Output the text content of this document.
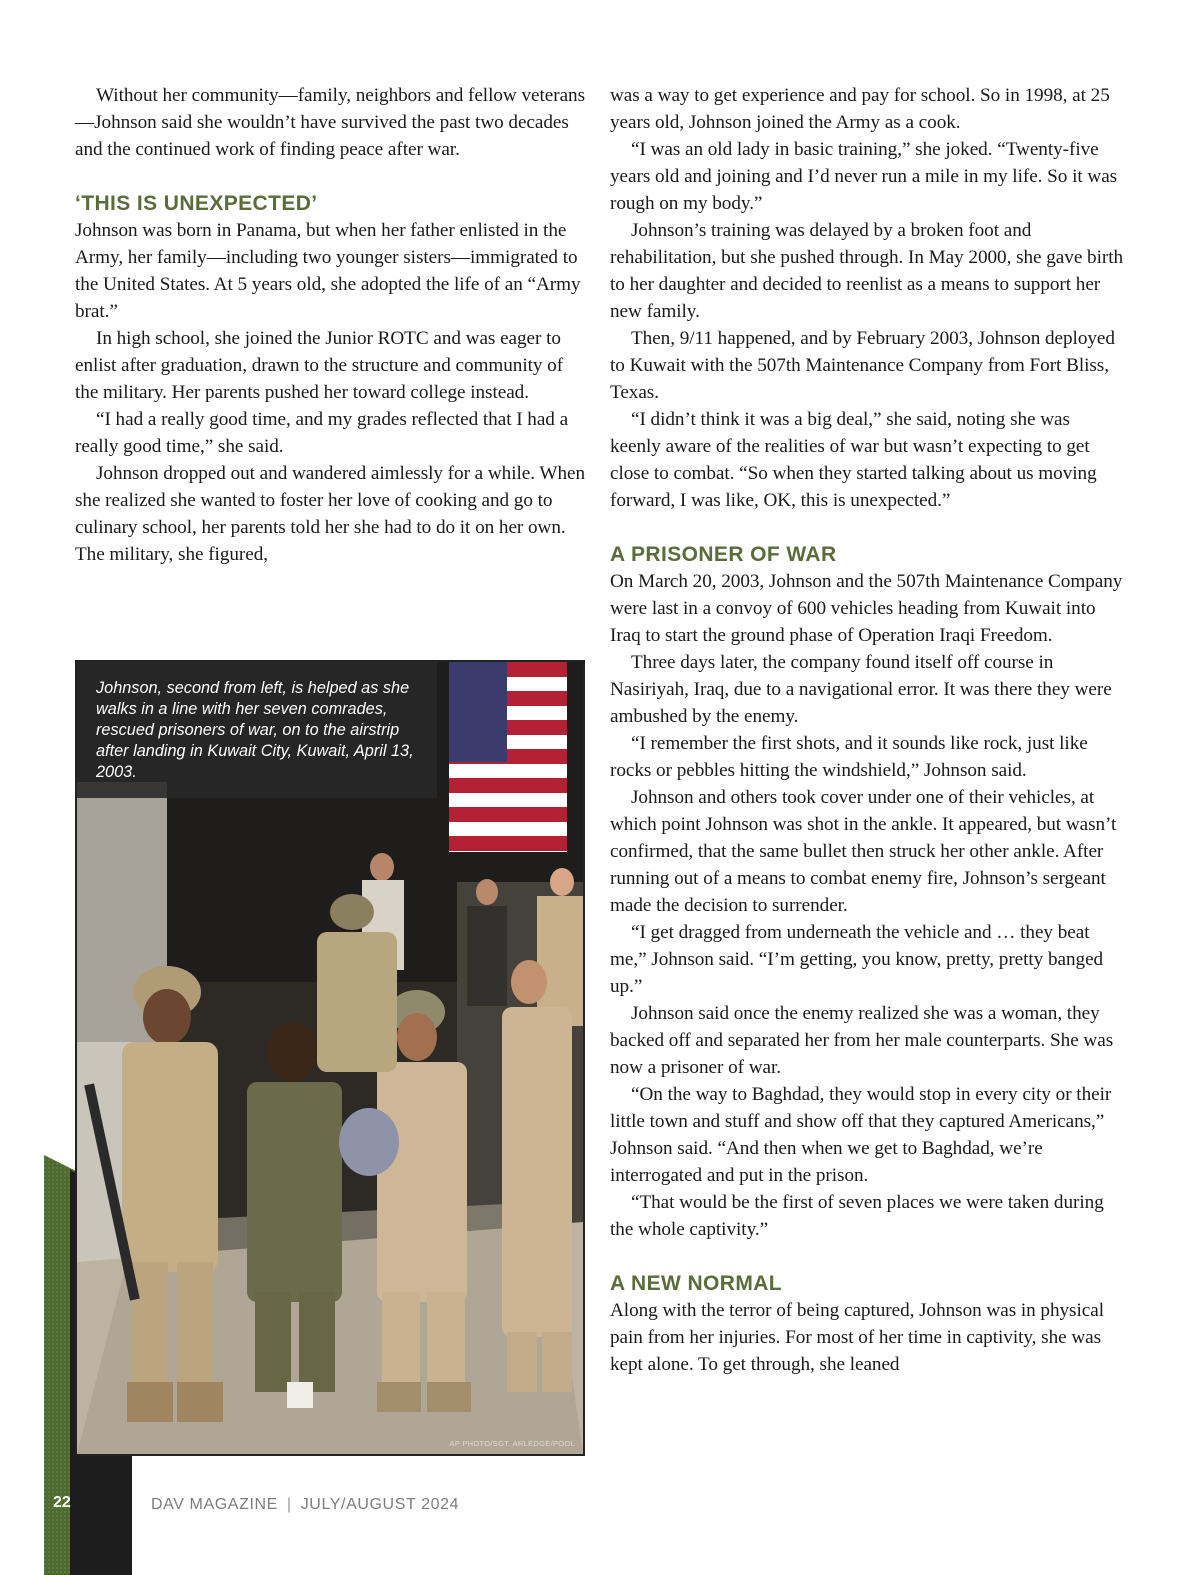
Without her community—family, neighbors and fellow veterans—Johnson said she wouldn’t have survived the past two decades and the continued work of finding peace after war.

‘THIS IS UNEXPECTED’

Johnson was born in Panama, but when her father enlisted in the Army, her family—including two younger sisters—immigrated to the United States. At 5 years old, she adopted the life of an “Army brat.”

In high school, she joined the Junior ROTC and was eager to enlist after graduation, drawn to the structure and community of the military. Her parents pushed her toward college instead.

“I had a really good time, and my grades reflected that I had a really good time,” she said.

Johnson dropped out and wandered aimlessly for a while. When she realized she wanted to foster her love of cooking and go to culinary school, her parents told her she had to do it on her own. The military, she figured,

was a way to get experience and pay for school. So in 1998, at 25 years old, Johnson joined the Army as a cook.

“I was an old lady in basic training,” she joked. “Twenty-five years old and joining and I’d never run a mile in my life. So it was rough on my body.”

Johnson’s training was delayed by a broken foot and rehabilitation, but she pushed through. In May 2000, she gave birth to her daughter and decided to reenlist as a means to support her new family.

Then, 9/11 happened, and by February 2003, Johnson deployed to Kuwait with the 507th Maintenance Company from Fort Bliss, Texas.

“I didn’t think it was a big deal,” she said, noting she was keenly aware of the realities of war but wasn’t expecting to get close to combat. “So when they started talking about us moving forward, I was like, OK, this is unexpected.”

A PRISONER OF WAR

On March 20, 2003, Johnson and the 507th Maintenance Company were last in a convoy of 600 vehicles heading from Kuwait into Iraq to start the ground phase of Operation Iraqi Freedom.

Three days later, the company found itself off course in Nasiriyah, Iraq, due to a navigational error. It was there they were ambushed by the enemy.

“I remember the first shots, and it sounds like rock, just like rocks or pebbles hitting the windshield,” Johnson said.

Johnson and others took cover under one of their vehicles, at which point Johnson was shot in the ankle. It appeared, but wasn’t confirmed, that the same bullet then struck her other ankle. After running out of a means to combat enemy fire, Johnson’s sergeant made the decision to surrender.

“I get dragged from underneath the vehicle and … they beat me,” Johnson said. “I’m getting, you know, pretty, pretty banged up.”

Johnson said once the enemy realized she was a woman, they backed off and separated her from her male counterparts. She was now a prisoner of war.

“On the way to Baghdad, they would stop in every city or their little town and stuff and show off that they captured Americans,” Johnson said. “And then when we get to Baghdad, we’re interrogated and put in the prison.

“That would be the first of seven places we were taken during the whole captivity.”

A NEW NORMAL

Along with the terror of being captured, Johnson was in physical pain from her injuries. For most of her time in captivity, she was kept alone. To get through, she leaned

Johnson, second from left, is helped as she walks in a line with her seven comrades, rescued prisoners of war, on to the airstrip after landing in Kuwait City, Kuwait, April 13, 2003.

AP PHOTO/SGT. ARLEDGE/POOL

22	DAV MAGAZINE | JULY/AUGUST 2024
